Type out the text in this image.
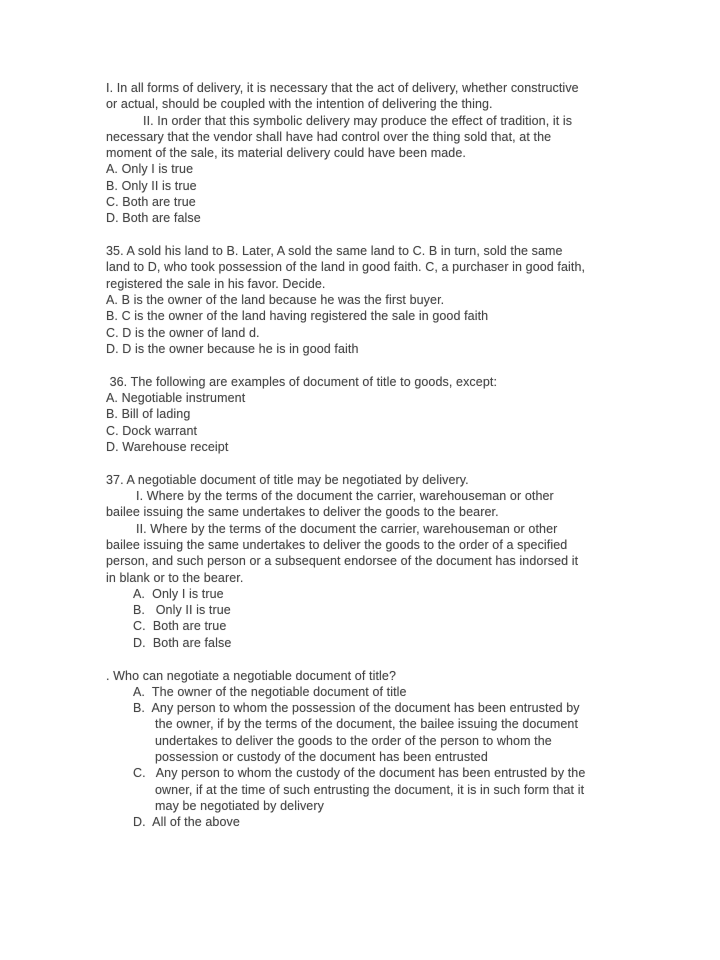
I. In all forms of delivery, it is necessary that the act of delivery, whether constructive
or actual, should be coupled with the intention of delivering the thing.
II. In order that this symbolic delivery may produce the effect of tradition, it is
necessary that the vendor shall have had control over the thing sold that, at the
moment of the sale, its material delivery could have been made.
A. Only I is true
B. Only II is true
C. Both are true
D. Both are false
35. A sold his land to B. Later, A sold the same land to C. B in turn, sold the same
land to D, who took possession of the land in good faith. C, a purchaser in good faith,
registered the sale in his favor. Decide.
A. B is the owner of the land because he was the first buyer.
B. C is the owner of the land having registered the sale in good faith
C. D is the owner of land d.
D. D is the owner because he is in good faith
36. The following are examples of document of title to goods, except:
A. Negotiable instrument
B. Bill of lading
C. Dock warrant
D. Warehouse receipt
37. A negotiable document of title may be negotiated by delivery.
I. Where by the terms of the document the carrier, warehouseman or other
bailee issuing the same undertakes to deliver the goods to the bearer.
II. Where by the terms of the document the carrier, warehouseman or other
bailee issuing the same undertakes to deliver the goods to the order of a specified
person, and such person or a subsequent endorsee of the document has indorsed it
in blank or to the bearer.
A.  Only I is true
B.   Only II is true
C.  Both are true
D.  Both are false
. Who can negotiate a negotiable document of title?
A.  The owner of the negotiable document of title
B.  Any person to whom the possession of the document has been entrusted by
the owner, if by the terms of the document, the bailee issuing the document
undertakes to deliver the goods to the order of the person to whom the
possession or custody of the document has been entrusted
C.   Any person to whom the custody of the document has been entrusted by the
owner, if at the time of such entrusting the document, it is in such form that it
may be negotiated by delivery
D.  All of the above
